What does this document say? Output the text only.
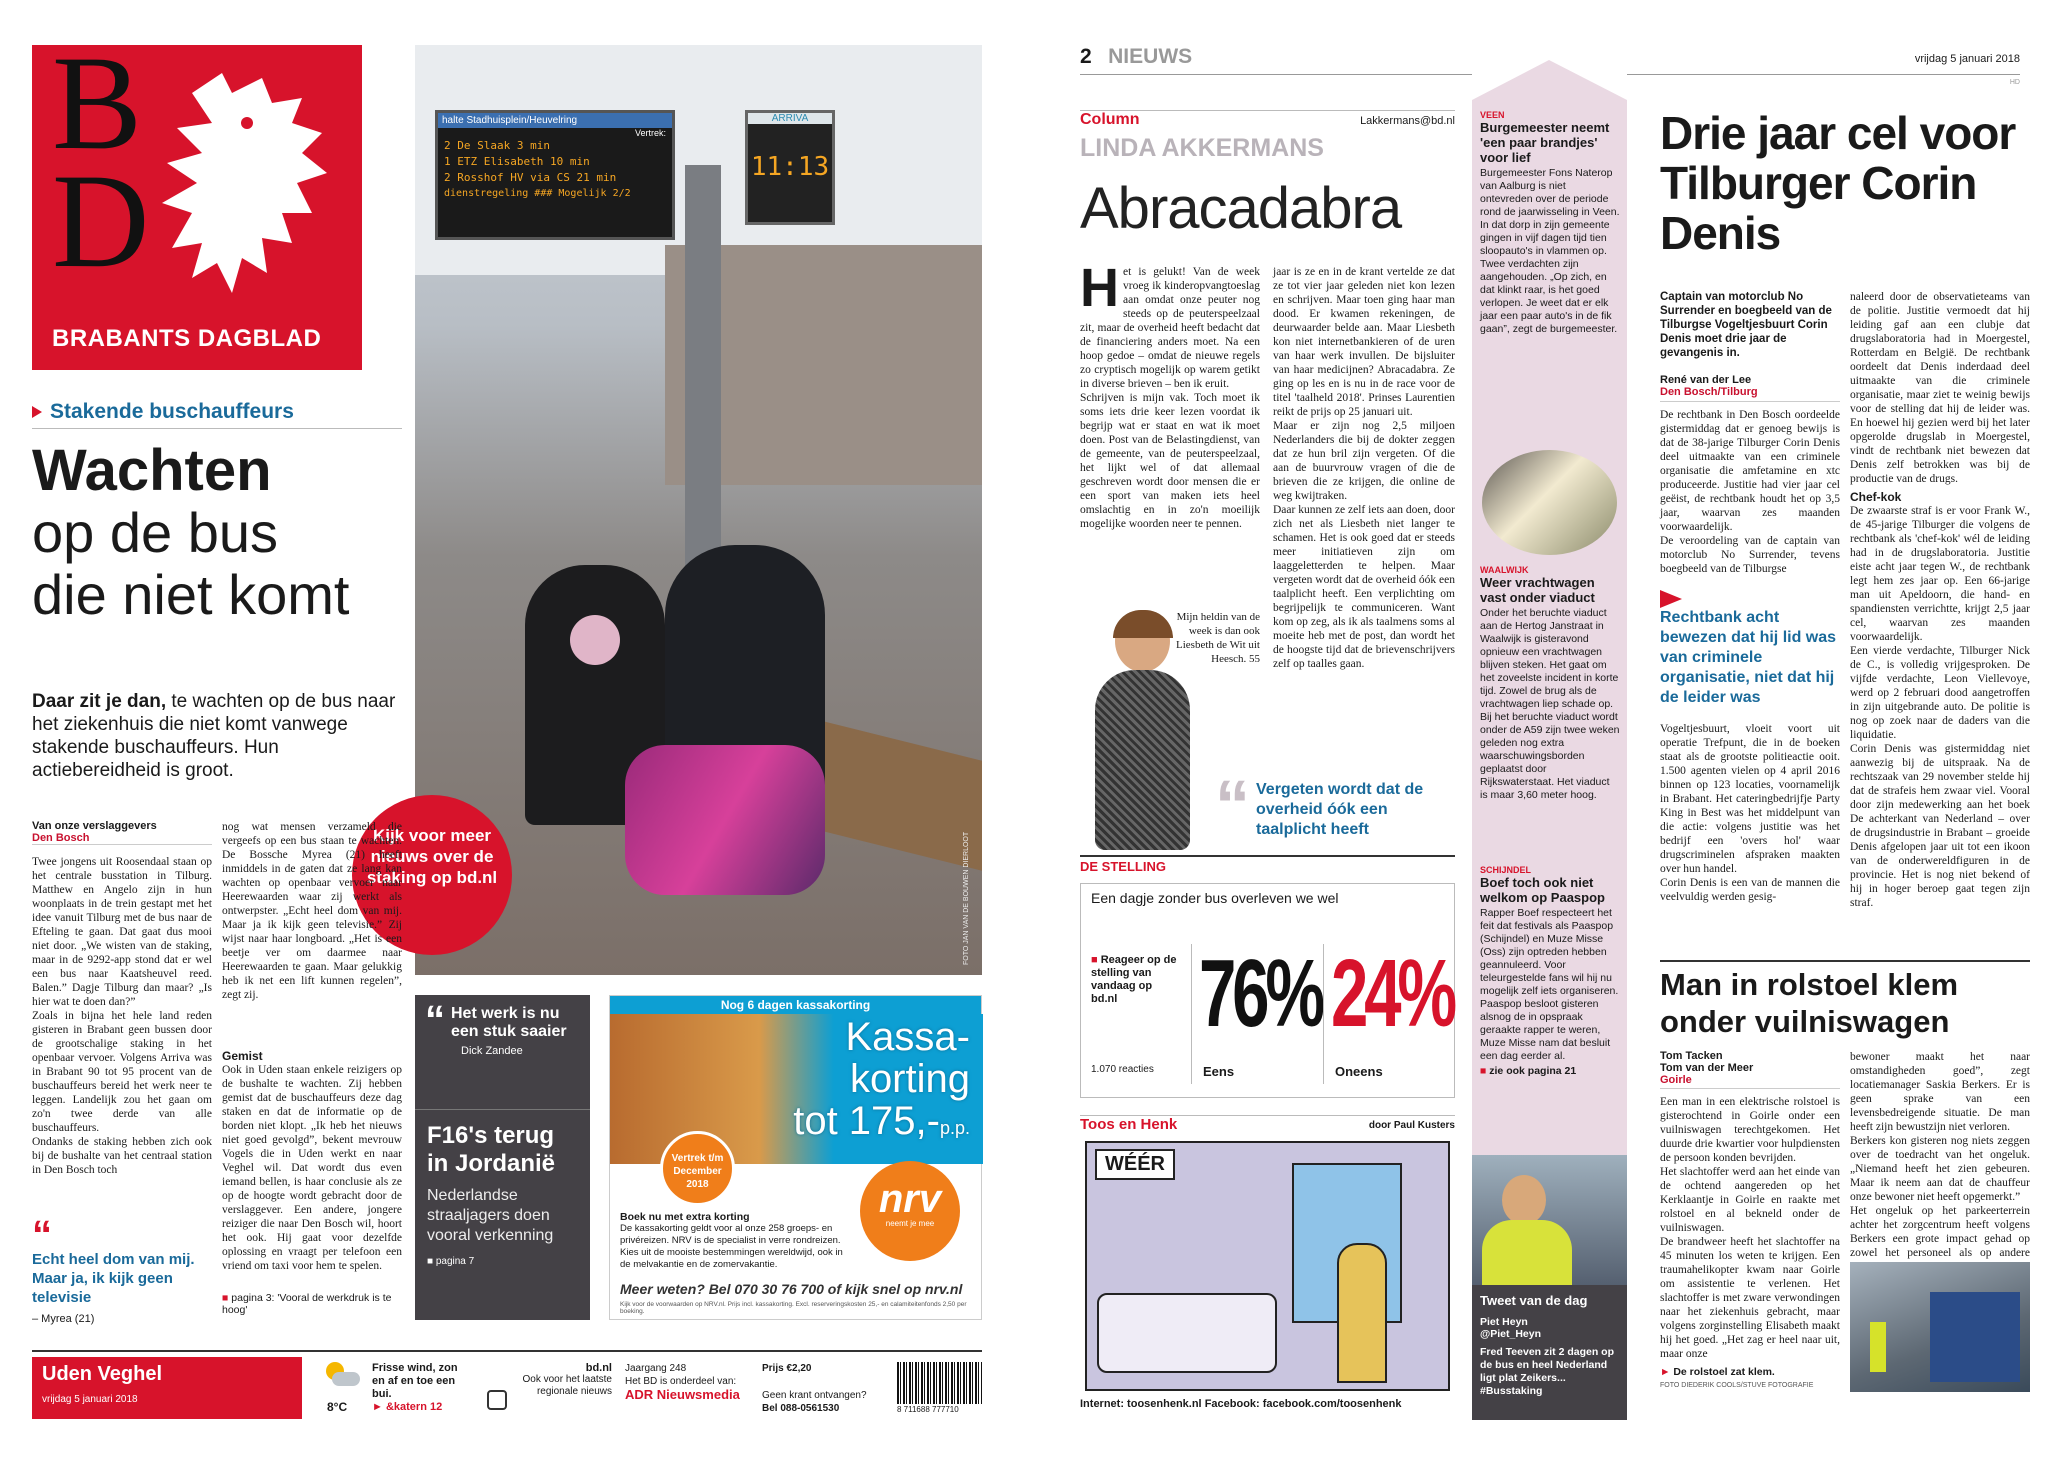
BD
BRABANTS DAGBLAD
Stakende buschauffeurs
Wachten
op de bus
die niet komt
Daar zit je dan, te wachten op de bus naar het ziekenhuis die niet komt vanwege stakende buschauffeurs. Hun actiebereidheid is groot.
halte Stadhuisplein/Heuvelring
Vertrek:
2 De Slaak 3 min
1 ETZ Elisabeth 10 min
2 Rosshof HV via CS 21 min
dienstregeling ### Mogelijk 2/2
ARRIVA
11:13
FOTO JAN VAN DE BOUWEN DIERLOOT
Kijk voor meer nieuws over de staking op bd.nl
Van onze verslaggevers
Den Bosch
Twee jongens uit Roosendaal staan op het centrale busstation in Tilburg. Matthew en Angelo zijn in hun woonplaats in de trein gestapt met het idee vanuit Tilburg met de bus naar de Efteling te gaan. Dat gaat dus mooi niet door. „We wisten van de staking, maar in de 9292-app stond dat er wel een bus naar Kaatsheuvel reed. Balen.” Dagje Tilburg dan maar? „Is hier wat te doen dan?”
Zoals in bijna het hele land reden gisteren in Brabant geen bussen door de grootschalige staking in het openbaar vervoer. Volgens Arriva was in Brabant 90 tot 95 procent van de buschauffeurs bereid het werk neer te leggen. Landelijk zou het gaan om zo'n twee derde van alle buschauffeurs.
Ondanks de staking hebben zich ook bij de bushalte van het centraal station in Den Bosch toch
“
Echt heel dom van mij. Maar ja, ik kijk geen televisie
– Myrea (21)
nog wat mensen verzameld die vergeefs op een bus staan te wachten. De Bossche Myrea (21) heeft inmiddels in de gaten dat ze lang kan wachten op openbaar vervoer naar Heerewaarden waar zij werkt als ontwerpster. „Echt heel dom van mij. Maar ja ik kijk geen televisie.” Zij wijst naar haar longboard. „Het is een beetje ver om daarmee naar Heerewaarden te gaan. Maar gelukkig heb ik net een lift kunnen regelen”, zegt zij.
Gemist
Ook in Uden staan enkele reizigers op de bushalte te wachten. Zij hebben gemist dat de buschauffeurs deze dag staken en dat de informatie op de borden niet klopt. „Ik heb het nieuws niet goed gevolgd”, bekent mevrouw Vogels die in Uden werkt en naar Veghel wil. Dat wordt dus even iemand bellen, is haar conclusie als ze op de hoogte wordt gebracht door de verslaggever. Een andere, jongere reiziger die naar Den Bosch wil, hoort het ook. Hij gaat voor dezelfde oplossing en vraagt per telefoon een vriend om taxi voor hem te spelen.
■ pagina 3: 'Vooral de werkdruk is te hoog'
“ Het werk is nu een stuk saaier
Dick Zandee
F16's terug in Jordanië
Nederlandse straaljagers doen vooral verkenning
■ pagina 7
Nog 6 dagen kassakorting
Kassa-
korting
tot 175,-p.p.
Vertrek t/m December 2018	nrv
neemt je mee
Boek nu met extra korting
De kassakorting geldt voor al onze 258 groeps- en privéreizen. NRV is de specialist in verre rondreizen. Kies uit de mooiste bestemmingen wereldwijd, ook in de melvakantie en de zomervakantie.
Meer weten? Bel 070 30 76 700 of kijk snel op nrv.nl
Kijk voor de voorwaarden op NRV.nl. Prijs incl. kassakorting. Excl. reserveringskosten 25,- en calamiteitenfonds 2,50 per boeking.
Uden Veghel
vrijdag 5 januari 2018
8°C
Frisse wind, zon en af en toe een bui.
► &katern 12
bd.nl
Ook voor het laatste regionale nieuws
Jaargang 248
Het BD is onderdeel van:
ADR Nieuwsmedia
Prijs €2,20
Geen krant ontvangen?
Bel 088-0561530	8 711688 777710
2 NIEUWS	vrijdag 5 januari 2018
HD
Column	Lakkermans@bd.nl
LINDA AKKERMANS
Abracadabra
H et is gelukt! Van de week vroeg ik kinderopvangtoeslag aan omdat onze peuter nog steeds op de peuterspeelzaal zit, maar de overheid heeft bedacht dat de financiering anders moet. Na een hoop gedoe – omdat de nieuwe regels zo cryptisch mogelijk op warem getikt in diverse brieven – ben ik eruit.
Schrijven is mijn vak. Toch moet ik soms iets drie keer lezen voordat ik begrijp wat er staat en wat ik moet doen. Post van de Belastingdienst, van de gemeente, van de peuterspeelzaal, het lijkt wel of dat allemaal geschreven wordt door mensen die er een sport van maken iets heel omslachtig en in zo'n moeilijk mogelijke woorden neer te pennen.
Mijn heldin van de week is dan ook Liesbeth de Wit uit Heesch. 55
jaar is ze en in de krant vertelde ze dat ze tot vier jaar geleden niet kon lezen en schrijven. Maar toen ging haar man dood. Er kwamen rekeningen, de deurwaarder belde aan. Maar Liesbeth kon niet internetbankieren of de uren van haar werk invullen. De bijsluiter van haar medicijnen? Abracadabra. Ze ging op les en is nu in de race voor de titel 'taalheld 2018'. Prinses Laurentien reikt de prijs op 25 januari uit.
Maar er zijn nog 2,5 miljoen Nederlanders die bij de dokter zeggen dat ze hun bril zijn vergeten. Of die aan de buurvrouw vragen of die de brieven die ze krijgen, die online de weg kwijtraken.
Daar kunnen ze zelf iets aan doen, door zich net als Liesbeth niet langer te schamen. Het is ook goed dat er steeds meer initiatieven zijn om laaggeletterden te helpen. Maar vergeten wordt dat de overheid óók een taalplicht heeft. Een verplichting om begrijpelijk te communiceren. Want kom op zeg, als ik als taalmens soms al moeite heb met de post, dan wordt het de hoogste tijd dat de brievenschrijvers zelf op taalles gaan.
“ Vergeten wordt dat de overheid óók een taalplicht heeft
DE STELLING
Een dagje zonder bus overleven we wel
■ Reageer op de stelling van vandaag op bd.nl
1.070 reacties
76%
Eens
24%
Oneens
Toos en Henk	door Paul Kusters
WÉÉR
Internet: toosenhenk.nl Facebook: facebook.com/toosenhenk
VEEN
Burgemeester neemt 'een paar brandjes' voor lief
Burgemeester Fons Naterop van Aalburg is niet ontevreden over de periode rond de jaarwisseling in Veen. In dat dorp in zijn gemeente gingen in vijf dagen tijd tien sloopauto's in vlammen op. Twee verdachten zijn aangehouden. „Op zich, en dat klinkt raar, is het goed verlopen. Je weet dat er elk jaar een paar auto's in de fik gaan”, zegt de burgemeester.
WAALWIJK
Weer vrachtwagen vast onder viaduct
Onder het beruchte viaduct aan de Hertog Janstraat in Waalwijk is gisteravond opnieuw een vrachtwagen blijven steken. Het gaat om het zoveelste incident in korte tijd. Zowel de brug als de vrachtwagen liep schade op. Bij het beruchte viaduct wordt onder de A59 zijn twee weken geleden nog extra waarschuwingsborden geplaatst door Rijkswaterstaat. Het viaduct is maar 3,60 meter hoog.
SCHIJNDEL
Boef toch ook niet welkom op Paaspop
Rapper Boef respecteert het feit dat festivals als Paaspop (Schijndel) en Muze Misse (Oss) zijn optreden hebben geannuleerd. Voor teleurgestelde fans wil hij nu mogelijk zelf iets organiseren. Paaspop besloot gisteren alsnog de in opspraak geraakte rapper te weren, Muze Misse nam dat besluit een dag eerder al.
■ zie ook pagina 21
Tweet van de dag
Piet Heyn
@Piet_Heyn
Fred Teeven zit 2 dagen op de bus en heel Nederland ligt plat Zeikers...
#Busstaking
Drie jaar cel voor Tilburger Corin Denis
Captain van motorclub No Surrender en boegbeeld van de Tilburgse Vogeltjesbuurt Corin Denis moet drie jaar de gevangenis in.
René van der Lee
Den Bosch/Tilburg
De rechtbank in Den Bosch oordeelde gistermiddag dat er genoeg bewijs is dat de 38-jarige Tilburger Corin Denis deel uitmaakte van een criminele organisatie die amfetamine en xtc produceerde. Justitie had vier jaar cel geëist, de rechtbank houdt het op 3,5 jaar, waarvan zes maanden voorwaardelijk.
De veroordeling van de captain van motorclub No Surrender, tevens boegbeeld van de Tilburgse
Rechtbank acht bewezen dat hij lid was van criminele organisatie, niet dat hij de leider was
Vogeltjesbuurt, vloeit voort uit operatie Trefpunt, die in de boeken staat als de grootste politieactie ooit. 1.500 agenten vielen op 4 april 2016 binnen op 123 locaties, voornamelijk in Brabant. Het cateringbedrijfje Party King in Best was het middelpunt van die actie: volgens justitie was het bedrijf een 'overs hol' waar drugscriminelen afspraken maakten over hun handel.
Corin Denis is een van de mannen die veelvuldig werden gesig-
naleerd door de observatieteams van de politie. Justitie vermoedt dat hij leiding gaf aan een clubje dat drugslaboratoria had in Moergestel, Rotterdam en België. De rechtbank oordeelt dat Denis inderdaad deel uitmaakte van die criminele organisatie, maar ziet te weinig bewijs voor de stelling dat hij de leider was. En hoewel hij gezien werd bij het later opgerolde drugslab in Moergestel, vindt de rechtbank niet bewezen dat Denis zelf betrokken was bij de productie van de drugs.
Chef-kok
De zwaarste straf is er voor Frank W., de 45-jarige Tilburger die volgens de rechtbank als 'chef-kok' wél de leiding had in de drugslaboratoria. Justitie eiste acht jaar tegen W., de rechtbank legt hem zes jaar op. Een 66-jarige man uit Apeldoorn, die hand- en spandiensten verrichtte, krijgt 2,5 jaar cel, waarvan zes maanden voorwaardelijk.
Een vierde verdachte, Tilburger Nick de C., is volledig vrijgesproken. De vijfde verdachte, Leon Viellevoye, werd op 2 februari dood aangetroffen in zijn uitgebrande auto. De politie is nog op zoek naar de daders van die liquidatie.
Corin Denis was gistermiddag niet aanwezig bij de uitspraak. Na de rechtszaak van 29 november stelde hij dat de strafeis hem zwaar viel. Vooral door zijn medewerking aan het boek De achterkant van Nederland – over de drugsindustrie in Brabant – groeide Denis afgelopen jaar uit tot een ikoon van de onderwereldfiguren in de provincie. Het is nog niet bekend of hij in hoger beroep gaat tegen zijn straf.
Man in rolstoel klem onder vuilniswagen
Tom Tacken
Tom van der Meer
Goirle
Een man in een elektrische rolstoel is gisterochtend in Goirle onder een vuilniswagen terechtgekomen. Het duurde drie kwartier voor hulpdiensten de persoon konden bevrijden.
Het slachtoffer werd aan het einde van de ochtend aangereden op het Kerklaantje in Goirle en raakte met rolstoel en al bekneld onder de vuilniswagen.
De brandweer heeft het slachtoffer na 45 minuten los weten te krijgen. Een traumahelikopter kwam naar Goirle om assistentie te verlenen. Het slachtoffer is met zware verwondingen naar het ziekenhuis gebracht, maar volgens zorginstelling Elisabeth maakt hij het goed. „Het zag er heel naar uit, maar onze
bewoner maakt het naar omstandigheden goed”, zegt locatiemanager Saskia Berkers. Er is geen sprake van een levensbedreigende situatie. De man heeft zijn bewustzijn niet verloren.
Berkers kon gisteren nog niets zeggen over de toedracht van het ongeluk. „Niemand heeft het zien gebeuren. Maar ik neem aan dat de chauffeur onze bewoner niet heeft opgemerkt.”
Het ongeluk op het parkeerterrein achter het zorgcentrum heeft volgens Berkers een grote impact gehad op zowel het personeel als op andere
► De rolstoel zat klem.
FOTO DIEDERIK COOLS/STUVE FOTOGRAFIE
